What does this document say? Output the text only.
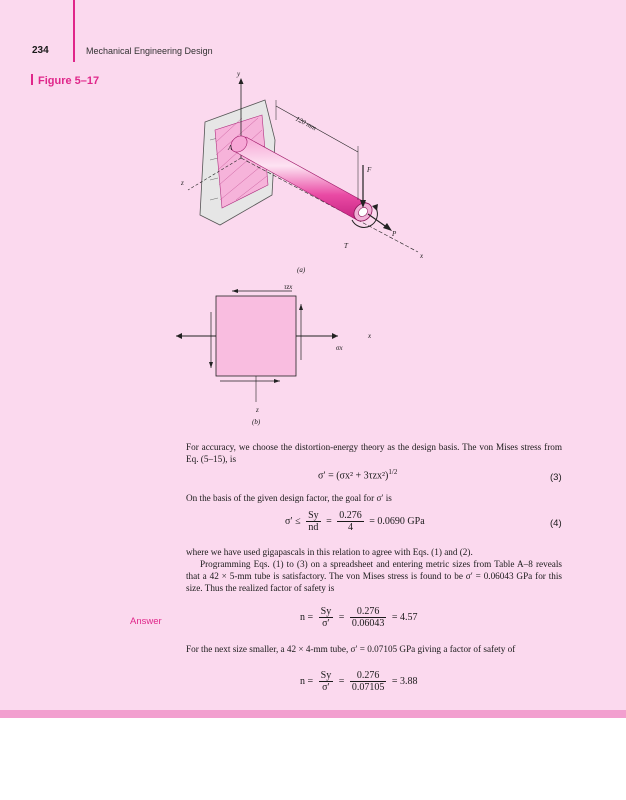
234	Mechanical Engineering Design
Figure 5–17
y
z
x
A
F
P
T
120 mm
(a)
τzx
σx
x
z
(b)
For accuracy, we choose the distortion-energy theory as the design basis. The von Mises stress from Eq. (5–15), is
$\sigma' = (\sigma x^2 + 3\tau zx^2)^{1/2}$	(3)
On the basis of the given design factor, the goal for σ′ is
$\sigma' \le \frac{Sy}{nd} = \frac{0.276}{4} = 0.0690$ GPa	(4)
where we have used gigapascals in this relation to agree with Eqs. (1) and (2).
Programming Eqs. (1) to (3) on a spreadsheet and entering metric sizes from Table A–8 reveals that a 42 × 5-mm tube is satisfactory. The von Mises stress is found to be σ′ = 0.06043 GPa for this size. Thus the realized factor of safety is
Answer	$n = \frac{Sy}{\sigma'} = \frac{0.276}{0.06043} = 4.57$
For the next size smaller, a 42 × 4-mm tube, σ′ = 0.07105 GPa giving a factor of safety of
$n = \frac{Sy}{\sigma'} = \frac{0.276}{0.07105} = 3.88$
